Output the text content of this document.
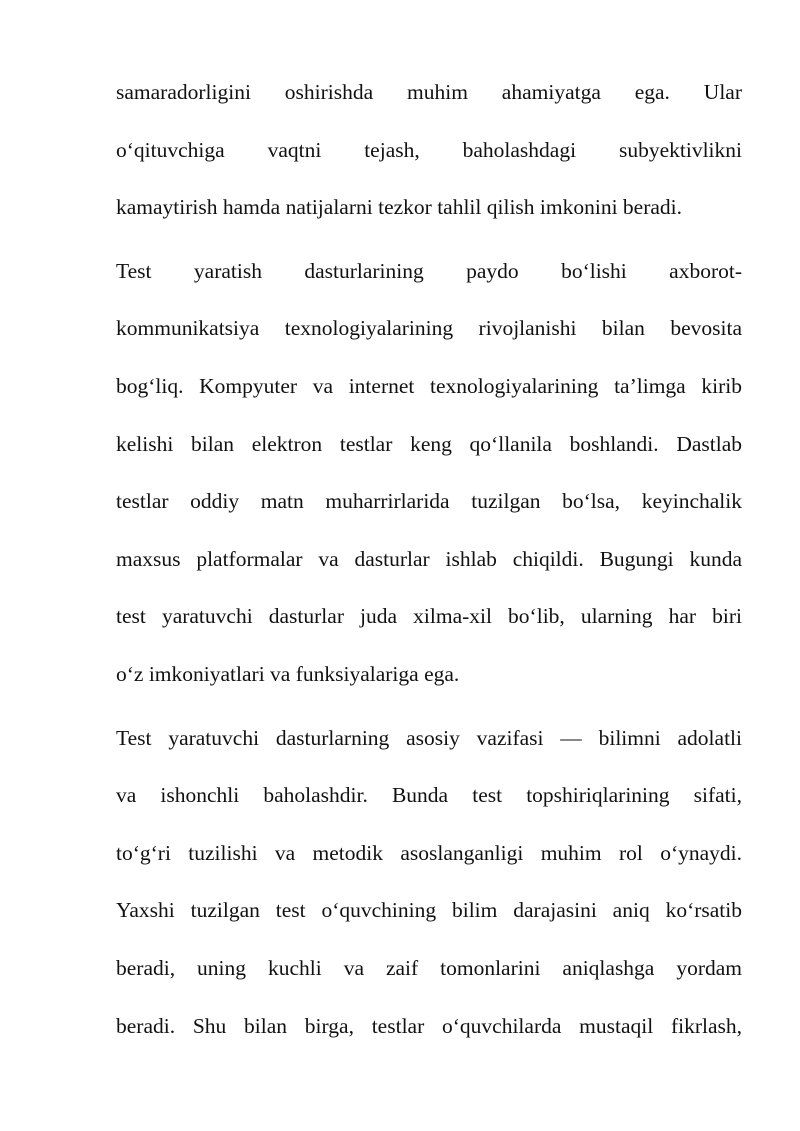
samaradorligini oshirishda muhim ahamiyatga ega. Ular
o‘qituvchiga vaqtni tejash, baholashdagi subyektivlikni
kamaytirish hamda natijalarni tezkor tahlil qilish imkonini beradi.
Test yaratish dasturlarining paydo bo‘lishi axborot-
kommunikatsiya texnologiyalarining rivojlanishi bilan bevosita
bog‘liq. Kompyuter va internet texnologiyalarining ta’limga kirib
kelishi bilan elektron testlar keng qo‘llanila boshlandi. Dastlab
testlar oddiy matn muharrirlarida tuzilgan bo‘lsa, keyinchalik
maxsus platformalar va dasturlar ishlab chiqildi. Bugungi kunda
test yaratuvchi dasturlar juda xilma-xil bo‘lib, ularning har biri
o‘z imkoniyatlari va funksiyalariga ega.
Test yaratuvchi dasturlarning asosiy vazifasi — bilimni adolatli
va ishonchli baholashdir. Bunda test topshiriqlarining sifati,
to‘g‘ri tuzilishi va metodik asoslanganligi muhim rol o‘ynaydi.
Yaxshi tuzilgan test o‘quvchining bilim darajasini aniq ko‘rsatib
beradi, uning kuchli va zaif tomonlarini aniqlashga yordam
beradi. Shu bilan birga, testlar o‘quvchilarda mustaqil fikrlash,
